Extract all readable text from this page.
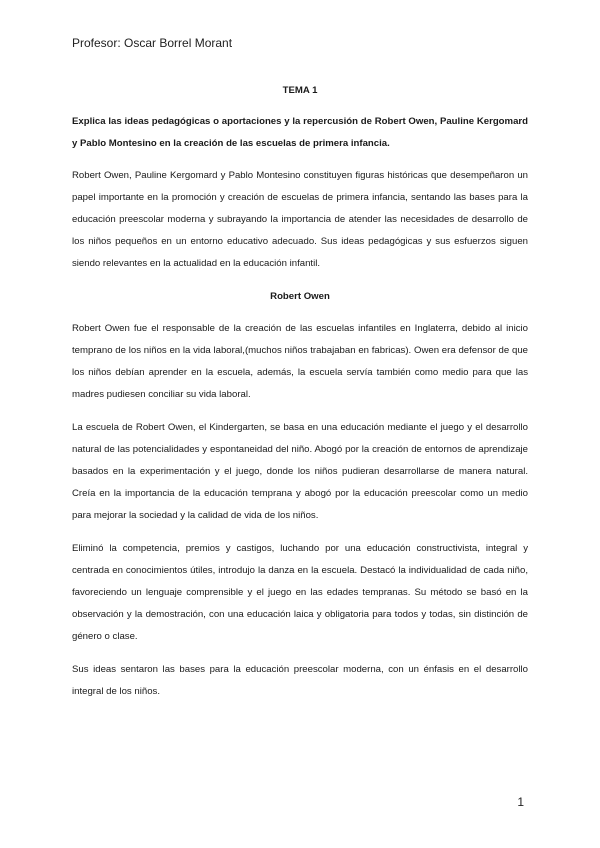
Profesor: Oscar Borrel Morant

TEMA 1

Explica las ideas pedagógicas o aportaciones y la repercusión de Robert Owen, Pauline Kergomard y Pablo Montesino en la creación de las escuelas de primera infancia.

Robert Owen, Pauline Kergomard y Pablo Montesino constituyen figuras históricas que desempeñaron un papel importante en la promoción y creación de escuelas de primera infancia, sentando las bases para la educación preescolar moderna y subrayando la importancia de atender las necesidades de desarrollo de los niños pequeños en un entorno educativo adecuado. Sus ideas pedagógicas y sus esfuerzos siguen siendo relevantes en la actualidad en la educación infantil.

Robert Owen

Robert Owen fue el responsable de la creación de las escuelas infantiles en Inglaterra, debido al inicio temprano de los niños en la vida laboral,(muchos niños trabajaban en fabricas). Owen era defensor de que los niños debían aprender en la escuela, además, la escuela servía también como medio para que las madres pudiesen conciliar su vida laboral.

La escuela de Robert Owen, el Kindergarten, se basa en una educación mediante el juego y el desarrollo natural de las potencialidades y espontaneidad del niño. Abogó por la creación de entornos de aprendizaje basados en la experimentación y el juego, donde los niños pudieran desarrollarse de manera natural. Creía en la importancia de la educación temprana y abogó por la educación preescolar como un medio para mejorar la sociedad y la calidad de vida de los niños.

Eliminó la competencia, premios y castigos, luchando por una educación constructivista, integral y centrada en conocimientos útiles, introdujo la danza en la escuela. Destacó la individualidad de cada niño, favoreciendo un lenguaje comprensible y el juego en las edades tempranas. Su método se basó en la observación y la demostración, con una educación laica y obligatoria para todos y todas, sin distinción de género o clase.

Sus ideas sentaron las bases para la educación preescolar moderna, con un énfasis en el desarrollo integral de los niños.

1
